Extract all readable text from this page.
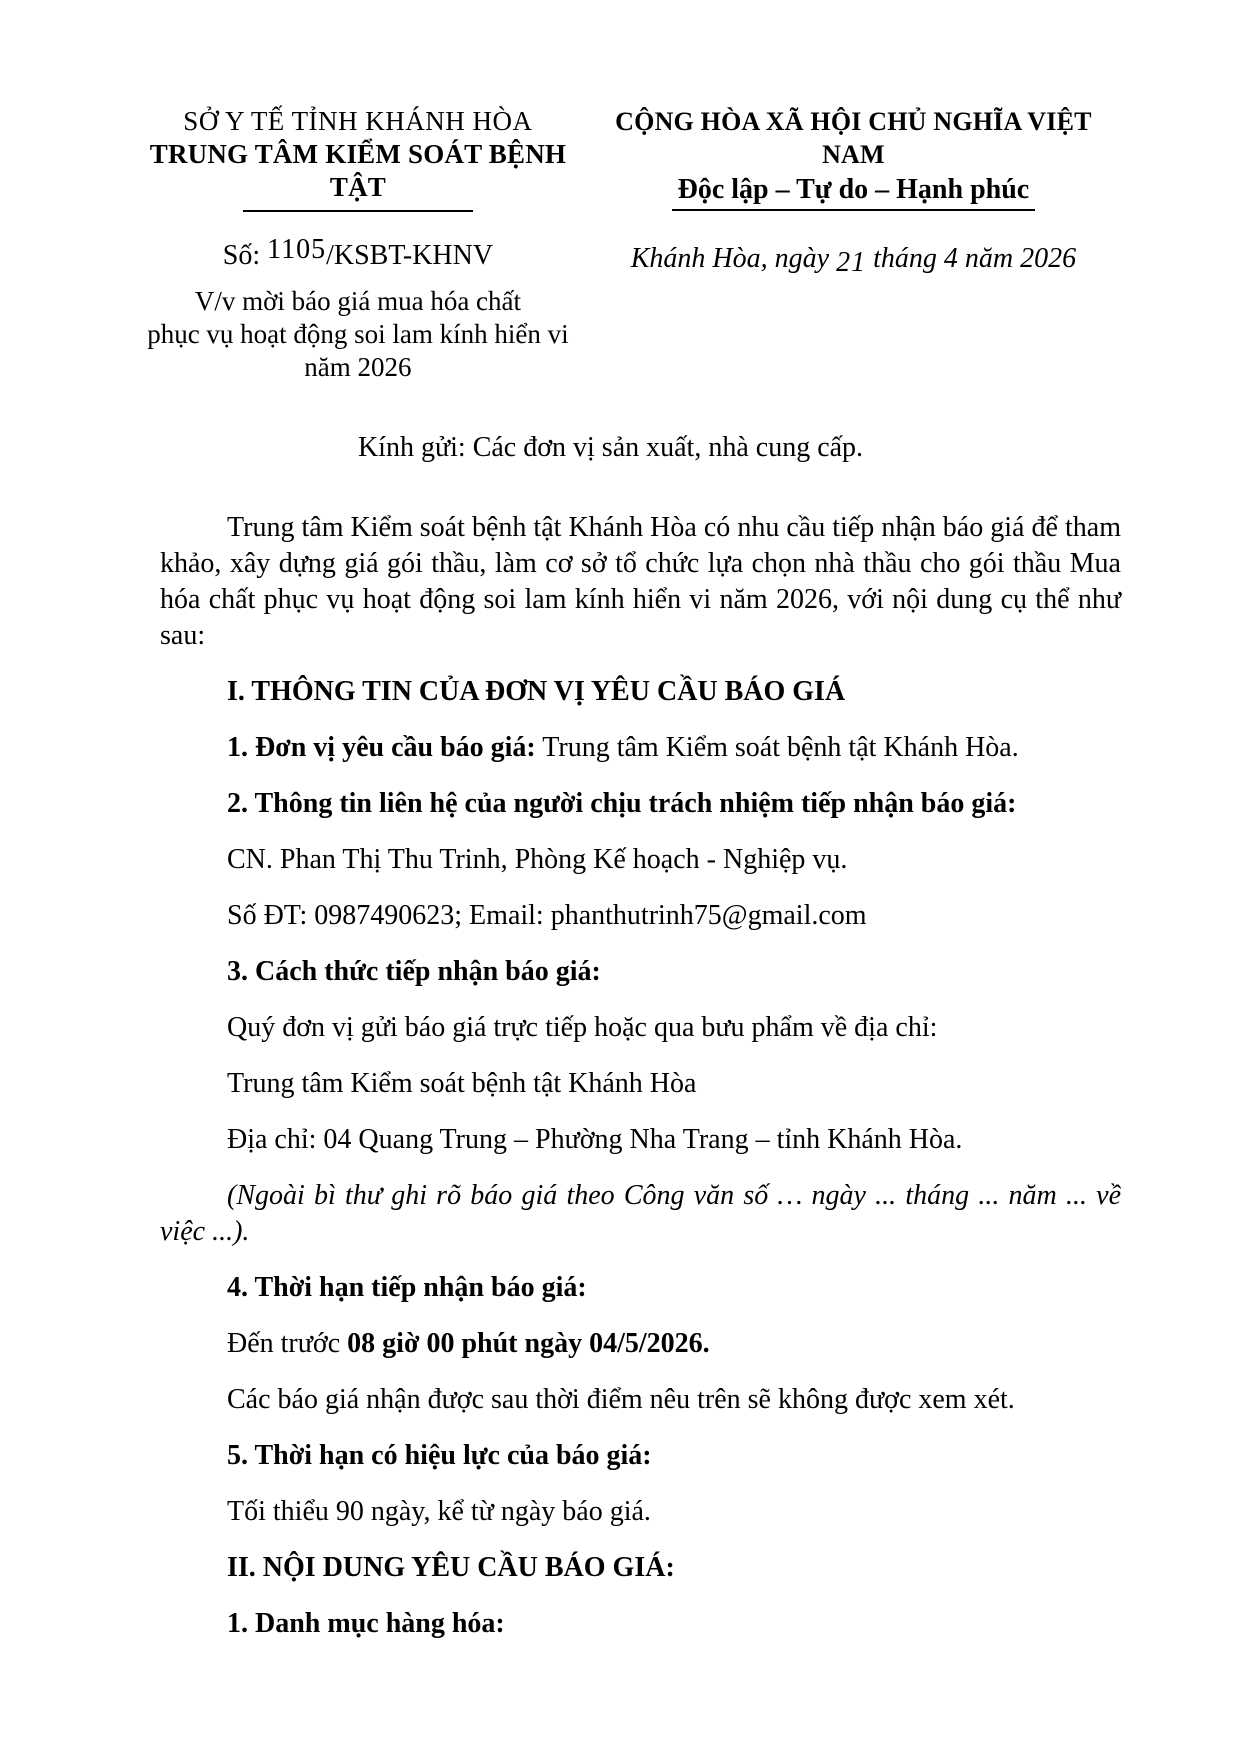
SỞ Y TẾ TỈNH KHÁNH HÒA
TRUNG TÂM KIỂM SOÁT BỆNH TẬT
Số: 1105/KSBT-KHNV
V/v mời báo giá mua hóa chất
phục vụ hoạt động soi lam kính hiển vi
năm 2026
CỘNG HÒA XÃ HỘI CHỦ NGHĨA VIỆT NAM
Độc lập – Tự do – Hạnh phúc
Khánh Hòa, ngày 21 tháng 4 năm 2026
Kính gửi: Các đơn vị sản xuất, nhà cung cấp.

Trung tâm Kiểm soát bệnh tật Khánh Hòa có nhu cầu tiếp nhận báo giá để tham khảo, xây dựng giá gói thầu, làm cơ sở tổ chức lựa chọn nhà thầu cho gói thầu Mua hóa chất phục vụ hoạt động soi lam kính hiển vi năm 2026, với nội dung cụ thể như sau:

I. THÔNG TIN CỦA ĐƠN VỊ YÊU CẦU BÁO GIÁ

1. Đơn vị yêu cầu báo giá: Trung tâm Kiểm soát bệnh tật Khánh Hòa.

2. Thông tin liên hệ của người chịu trách nhiệm tiếp nhận báo giá:

CN. Phan Thị Thu Trinh, Phòng Kế hoạch - Nghiệp vụ.

Số ĐT: 0987490623; Email: phanthutrinh75@gmail.com

3. Cách thức tiếp nhận báo giá:

Quý đơn vị gửi báo giá trực tiếp hoặc qua bưu phẩm về địa chỉ:

Trung tâm Kiểm soát bệnh tật Khánh Hòa

Địa chỉ: 04 Quang Trung – Phường Nha Trang – tỉnh Khánh Hòa.

(Ngoài bì thư ghi rõ báo giá theo Công văn số … ngày ... tháng ... năm ... về việc ...).

4. Thời hạn tiếp nhận báo giá:

Đến trước 08 giờ 00 phút ngày 04/5/2026.

Các báo giá nhận được sau thời điểm nêu trên sẽ không được xem xét.

5. Thời hạn có hiệu lực của báo giá:

Tối thiểu 90 ngày, kể từ ngày báo giá.

II. NỘI DUNG YÊU CẦU BÁO GIÁ:

1. Danh mục hàng hóa:
